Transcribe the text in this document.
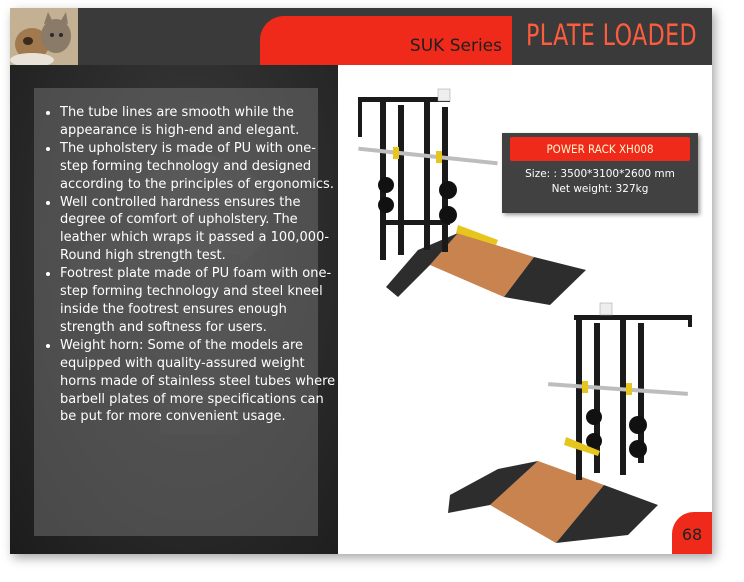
SUK Series PLATE LOADED
• The tube lines are smooth while the appearance is high-end and elegant.
• The upholstery is made of PU with one-step forming technology and designed according to the principles of ergonomics.
• Well controlled hardness ensures the degree of comfort of upholstery. The leather which wraps it passed a 100,000-Round high strength test.
• Footrest plate made of PU foam with one-step forming technology and steel kneel inside the footrest ensures enough strength and softness for users.
• Weight horn: Some of the models are equipped with quality-assured weight horns made of stainless steel tubes where barbell plates of more specifications can be put for more convenient usage.
POWER RACK XH008
Size: : 3500*3100*2600 mm
Net weight: 327kg
68
